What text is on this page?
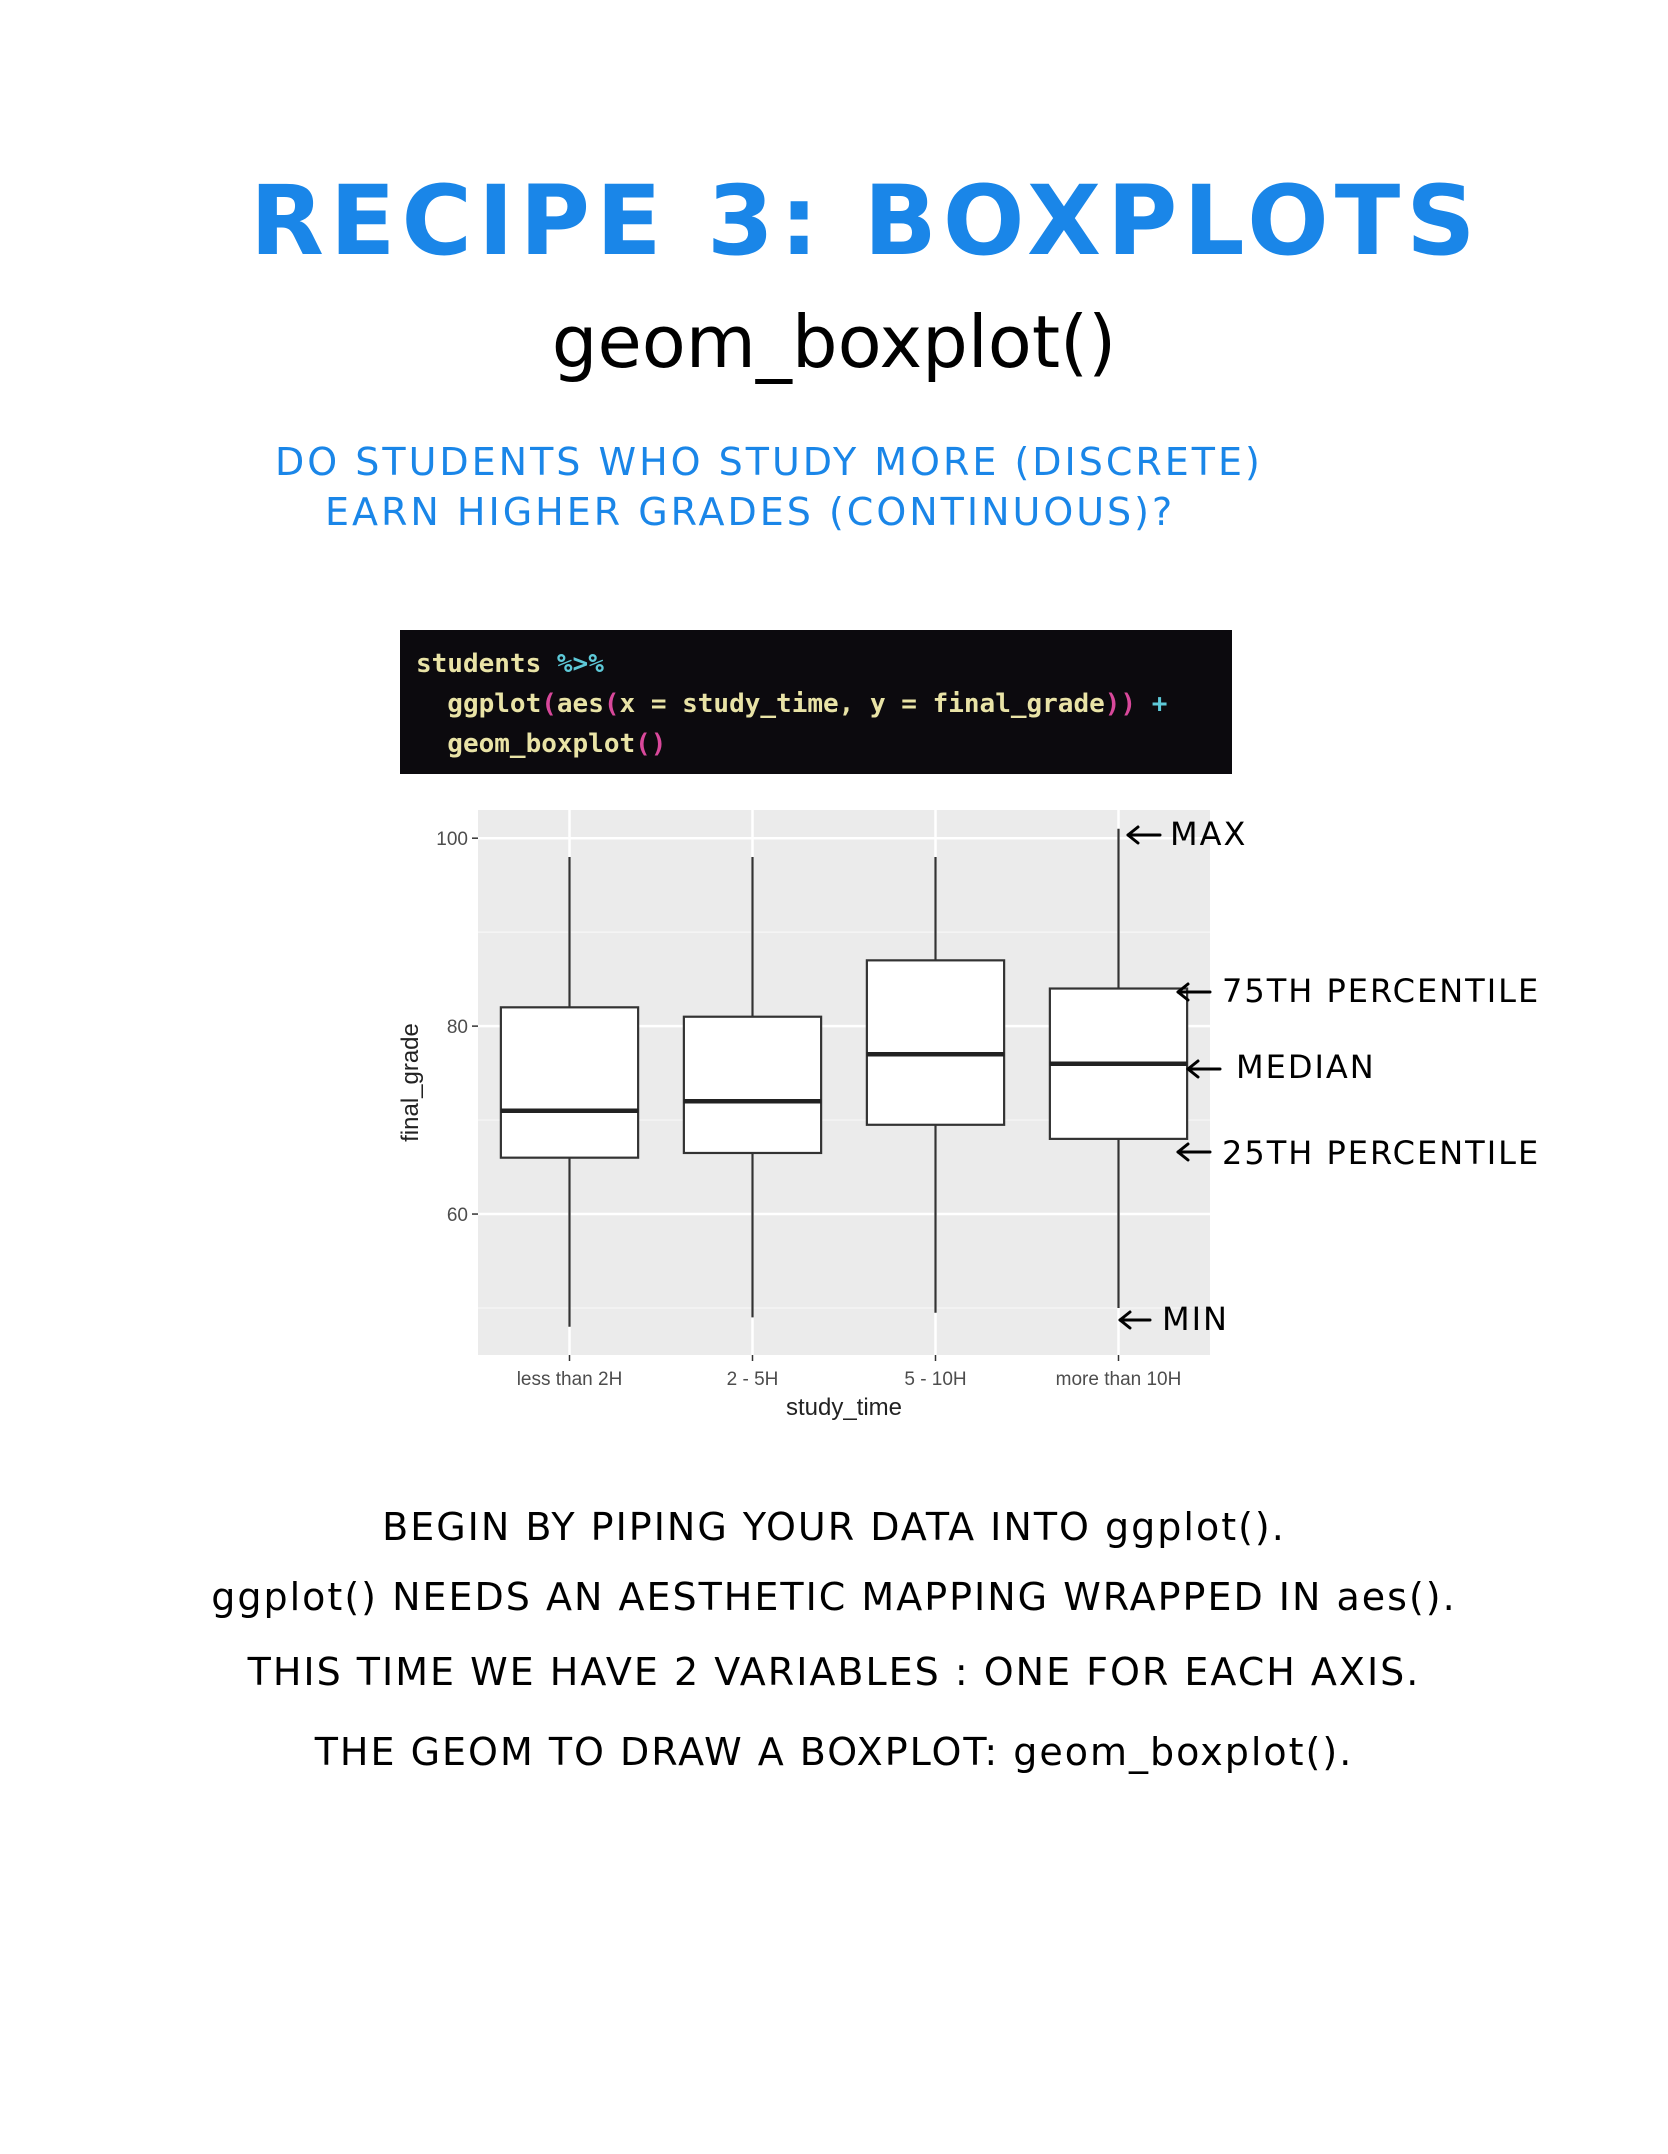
RECIPE 3: BOXPLOTS
geom_boxplot()
DO STUDENTS WHO STUDY MORE (DISCRETE)
EARN HIGHER GRADES (CONTINUOUS)?
students %>%
ggplot(aes(x = study_time, y = final_grade)) +
geom_boxplot()
60
80
100
less than 2H	2 - 5H	5 - 10H	more than 10H
study_time
final_grade
MAX
75TH PERCENTILE
MEDIAN
25TH PERCENTILE
MIN
BEGIN BY PIPING YOUR DATA INTO ggplot().
ggplot() NEEDS AN AESTHETIC MAPPING WRAPPED IN aes().
THIS TIME WE HAVE 2 VARIABLES : ONE FOR EACH AXIS.
THE GEOM TO DRAW A BOXPLOT: geom_boxplot().
